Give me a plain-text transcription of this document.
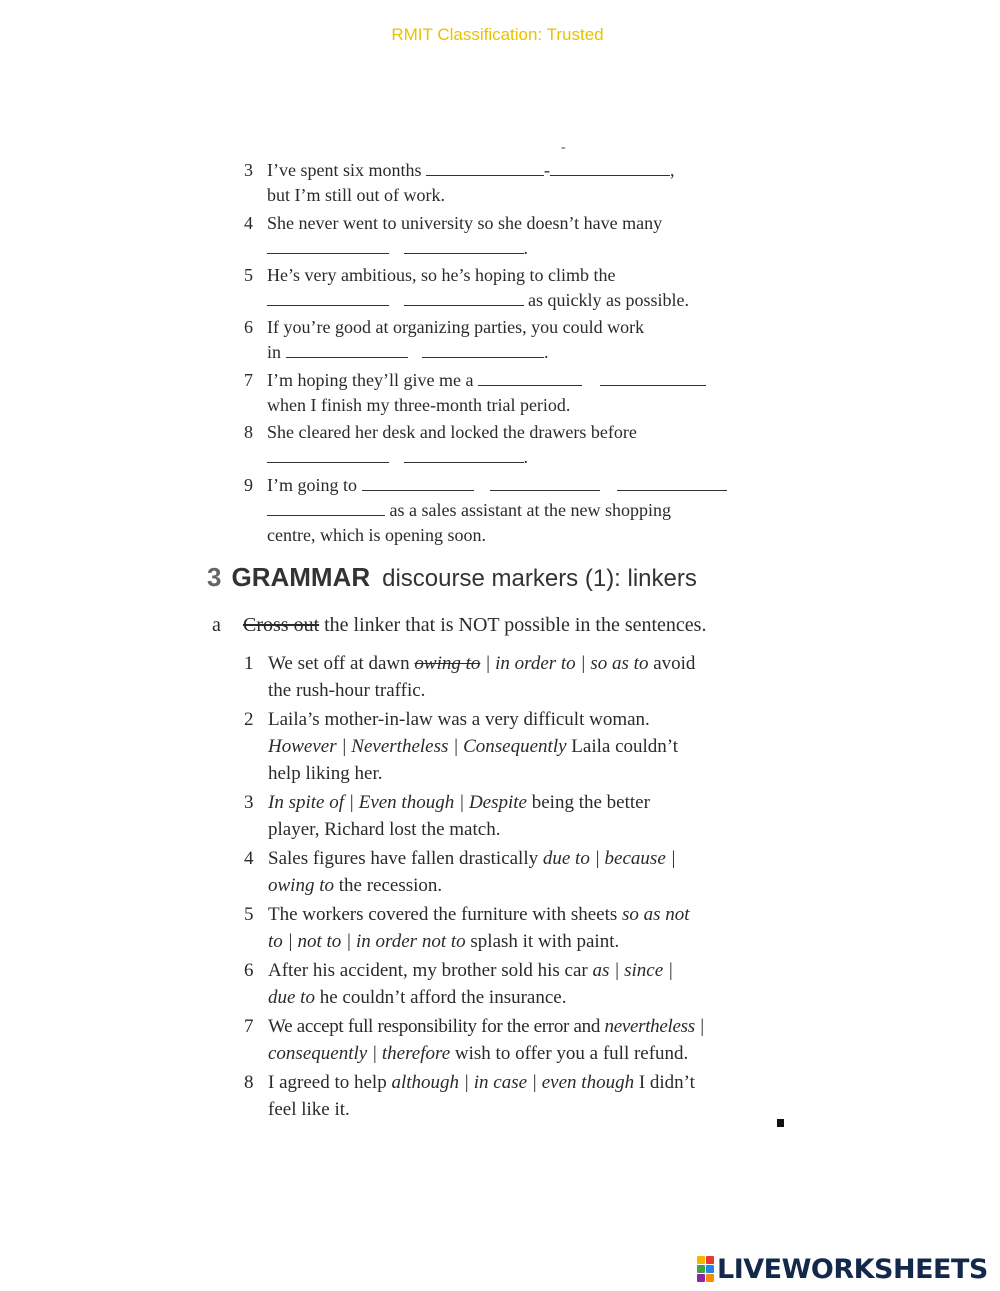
RMIT Classification: Trusted
-
3 I’ve spent six months	-	,
but I’m still out of work.
4 She never went to university so she doesn’t have many
.
5 He’s very ambitious, so he’s hoping to climb the
as quickly as possible.
6 If you’re good at organizing parties, you could work
in	.
7 I’m hoping they’ll give me a
when I finish my three-month trial period.
8 She cleared her desk and locked the drawers before
.
9 I’m going to
as a sales assistant at the new shopping
centre, which is opening soon.
3 GRAMMAR discourse markers (1): linkers
a Cross out the linker that is NOT possible in the sentences.
1 We set off at dawn owing to | in order to | so as to avoid
the rush-hour traffic.
2 Laila’s mother-in-law was a very difficult woman.
However | Nevertheless | Consequently Laila couldn’t
help liking her.
3 In spite of | Even though | Despite being the better
player, Richard lost the match.
4 Sales figures have fallen drastically due to | because |
owing to the recession.
5 The workers covered the furniture with sheets so as not
to | not to | in order not to splash it with paint.
6 After his accident, my brother sold his car as | since |
due to he couldn’t afford the insurance.
7 We accept full responsibility for the error and nevertheless |
consequently | therefore wish to offer you a full refund.
8 I agreed to help although | in case | even though I didn’t
feel like it.
LIVEWORKSHEETS
